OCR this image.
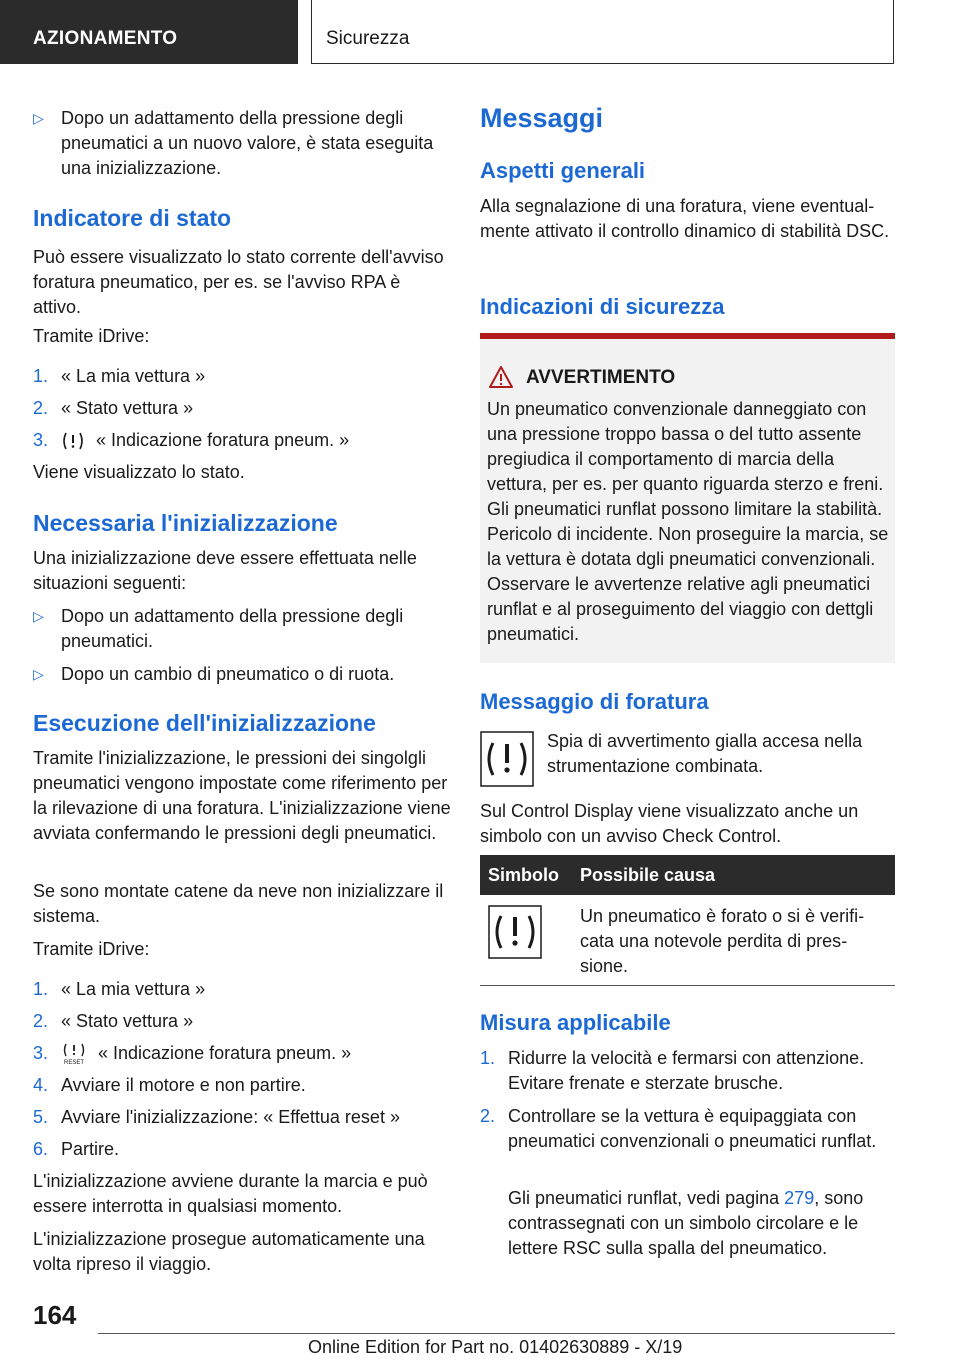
AZIONAMENTO	Sicurezza
▷ Dopo un adattamento della pressione degli pneumatici a un nuovo valore, è stata eseguita una inizializzazione.
Indicatore di stato

Può essere visualizzato lo stato corrente dell'avviso foratura pneumatico, per es. se l'avviso RPA è attivo.

Tramite iDrive:

1. « La mia vettura »
2. « Stato vettura »
3.	« Indicazione foratura pneum. »

Viene visualizzato lo stato.

Necessaria l'inizializzazione

Una inizializzazione deve essere effettuata nelle situazioni seguenti:

▷ Dopo un adattamento della pressione degli pneumatici.
▷ Dopo un cambio di pneumatico o di ruota.
Esecuzione dell'inizializzazione

Tramite l'inizializzazione, le pressioni dei singolgli pneumatici vengono impostate come riferimento per la rilevazione di una foratura. L'inizializzazione viene avviata confermando le pressioni degli pneumatici.

Se sono montate catene da neve non inizializzare il sistema.

Tramite iDrive:

1. « La mia vettura »
2. « Stato vettura »
3.
RESET
« Indicazione foratura pneum. »
4. Avviare il motore e non partire.
5. Avviare l'inizializzazione: « Effettua reset »
6. Partire.

L'inizializzazione avviene durante la marcia e può essere interrotta in qualsiasi momento.

L'inizializzazione prosegue automaticamente una volta ripreso il viaggio.

Messaggi
Aspetti generali

Alla segnalazione di una foratura, viene eventualmente attivato il controllo dinamico di stabilità DSC.

Indicazioni di sicurezza
AVVERTIMENTO
Un pneumatico convenzionale danneggiato con una pressione troppo bassa o del tutto assente pregiudica il comportamento di marcia della vettura, per es. per quanto riguarda sterzo e freni. Gli pneumatici runflat possono limitare la stabilità. Pericolo di incidente. Non proseguire la marcia, se la vettura è dotata dgli pneumatici convenzionali. Osservare le avvertenze relative agli pneumatici runflat e al proseguimento del viaggio con dettgli pneumatici.
Messaggio di foratura

Spia di avvertimento gialla accesa nella strumentazione combinata.

Sul Control Display viene visualizzato anche un simbolo con un avviso Check Control.

Simbolo Possibile causa

Un pneumatico è forato o si è verificata una notevole perdita di pressione.

Misura applicabile
1. Ridurre la velocità e fermarsi con attenzione. Evitare frenate e sterzate brusche.
2. Controllare se la vettura è equipaggiata con pneumatici convenzionali o pneumatici runflat.

Gli pneumatici runflat, vedi pagina 279, sono contrassegnati con un simbolo circolare e le lettere RSC sulla spalla del pneumatico.

164
Online Edition for Part no. 01402630889 - X/19
